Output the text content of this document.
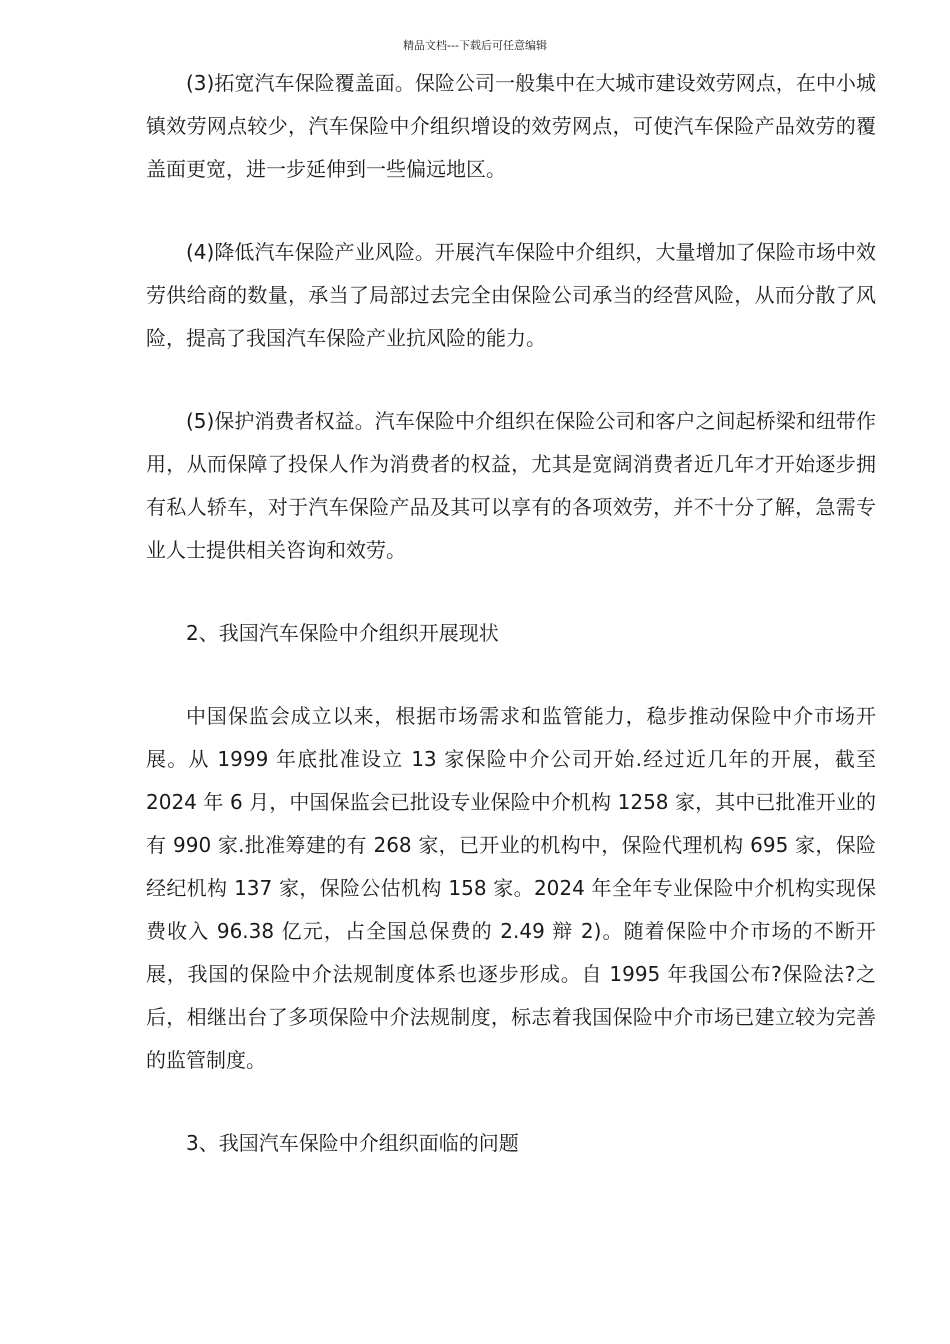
精品文档---下载后可任意编辑

(3)拓宽汽车保险覆盖面。保险公司一般集中在大城市建设效劳网点，在中小城镇效劳网点较少，汽车保险中介组织增设的效劳网点，可使汽车保险产品效劳的覆盖面更宽，进一步延伸到一些偏远地区。

(4)降低汽车保险产业风险。开展汽车保险中介组织，大量增加了保险市场中效劳供给商的数量，承当了局部过去完全由保险公司承当的经营风险，从而分散了风险，提高了我国汽车保险产业抗风险的能力。

(5)保护消费者权益。汽车保险中介组织在保险公司和客户之间起桥梁和纽带作用，从而保障了投保人作为消费者的权益，尤其是宽阔消费者近几年才开始逐步拥有私人轿车，对于汽车保险产品及其可以享有的各项效劳，并不十分了解，急需专业人士提供相关咨询和效劳。

2、我国汽车保险中介组织开展现状

中国保监会成立以来，根据市场需求和监管能力，稳步推动保险中介市场开展。从 1999 年底批准设立 13 家保险中介公司开始.经过近几年的开展，截至 2024 年 6 月，中国保监会已批设专业保险中介机构 1258 家，其中已批准开业的有 990 家.批准筹建的有 268 家，已开业的机构中，保险代理机构 695 家，保险经纪机构 137 家，保险公估机构 158 家。2024 年全年专业保险中介机构实现保费收入 96.38 亿元，占全国总保费的 2.49 辩 2)。随着保险中介市场的不断开展，我国的保险中介法规制度体系也逐步形成。自 1995 年我国公布?保险法?之后，相继出台了多项保险中介法规制度，标志着我国保险中介市场已建立较为完善的监管制度。

3、我国汽车保险中介组织面临的问题
